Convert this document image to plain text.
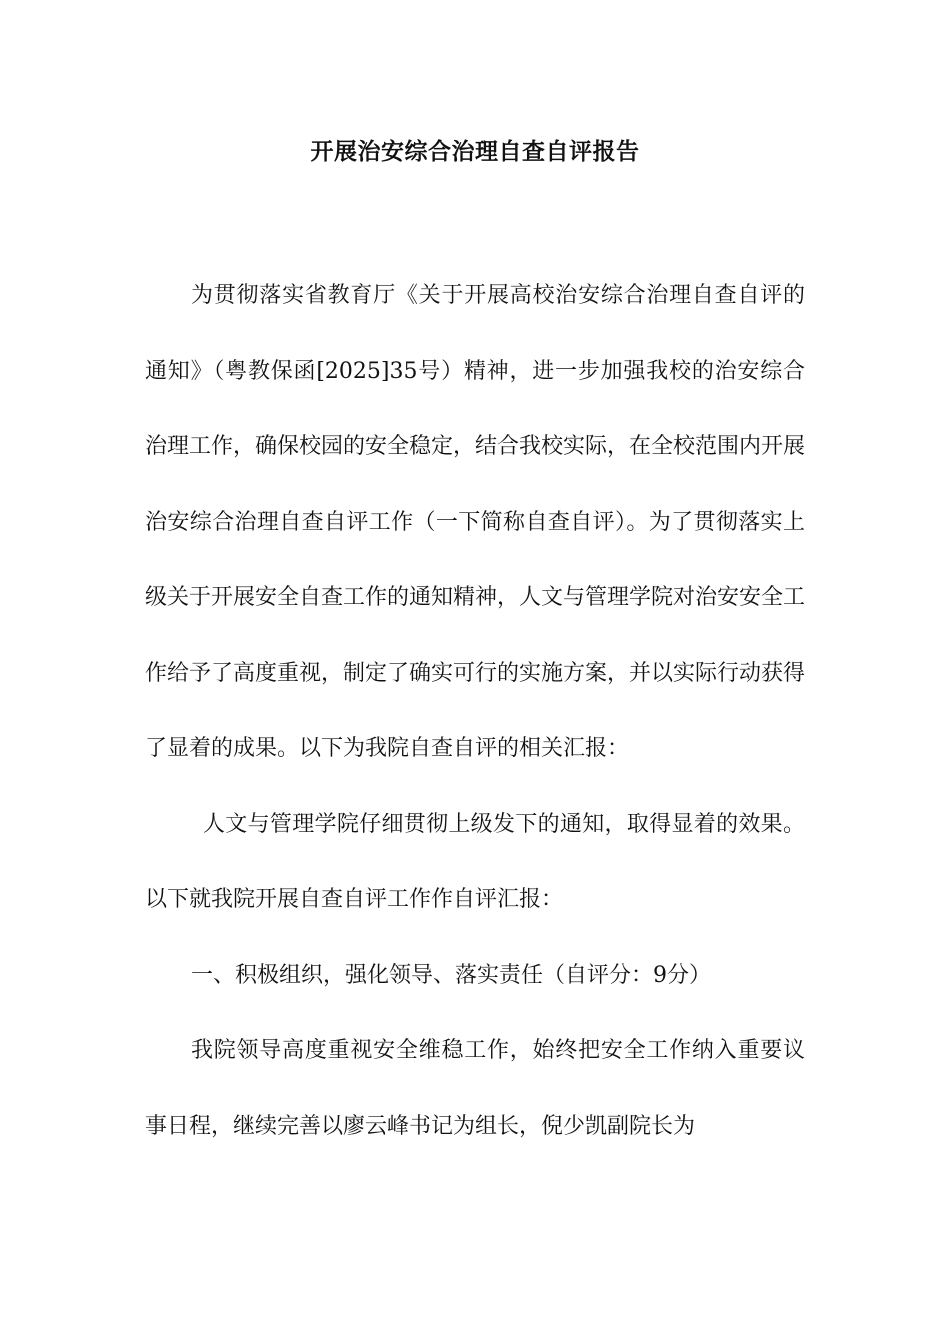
开展治安综合治理自查自评报告

为贯彻落实省教育厅《关于开展高校治安综合治理自查自评的通知》（粤教保函[2025]35号）精神，进一步加强我校的治安综合治理工作，确保校园的安全稳定，结合我校实际，在全校范围内开展治安综合治理自查自评工作（一下简称自查自评）。为了贯彻落实上级关于开展安全自查工作的通知精神，人文与管理学院对治安安全工作给予了高度重视，制定了确实可行的实施方案，并以实际行动获得了显着的成果。以下为我院自查自评的相关汇报：

人文与管理学院仔细贯彻上级发下的通知，取得显着的效果。以下就我院开展自查自评工作作自评汇报：

一、积极组织，强化领导、落实责任（自评分：9分）

我院领导高度重视安全维稳工作，始终把安全工作纳入重要议事日程，继续完善以廖云峰书记为组长，倪少凯副院长为
